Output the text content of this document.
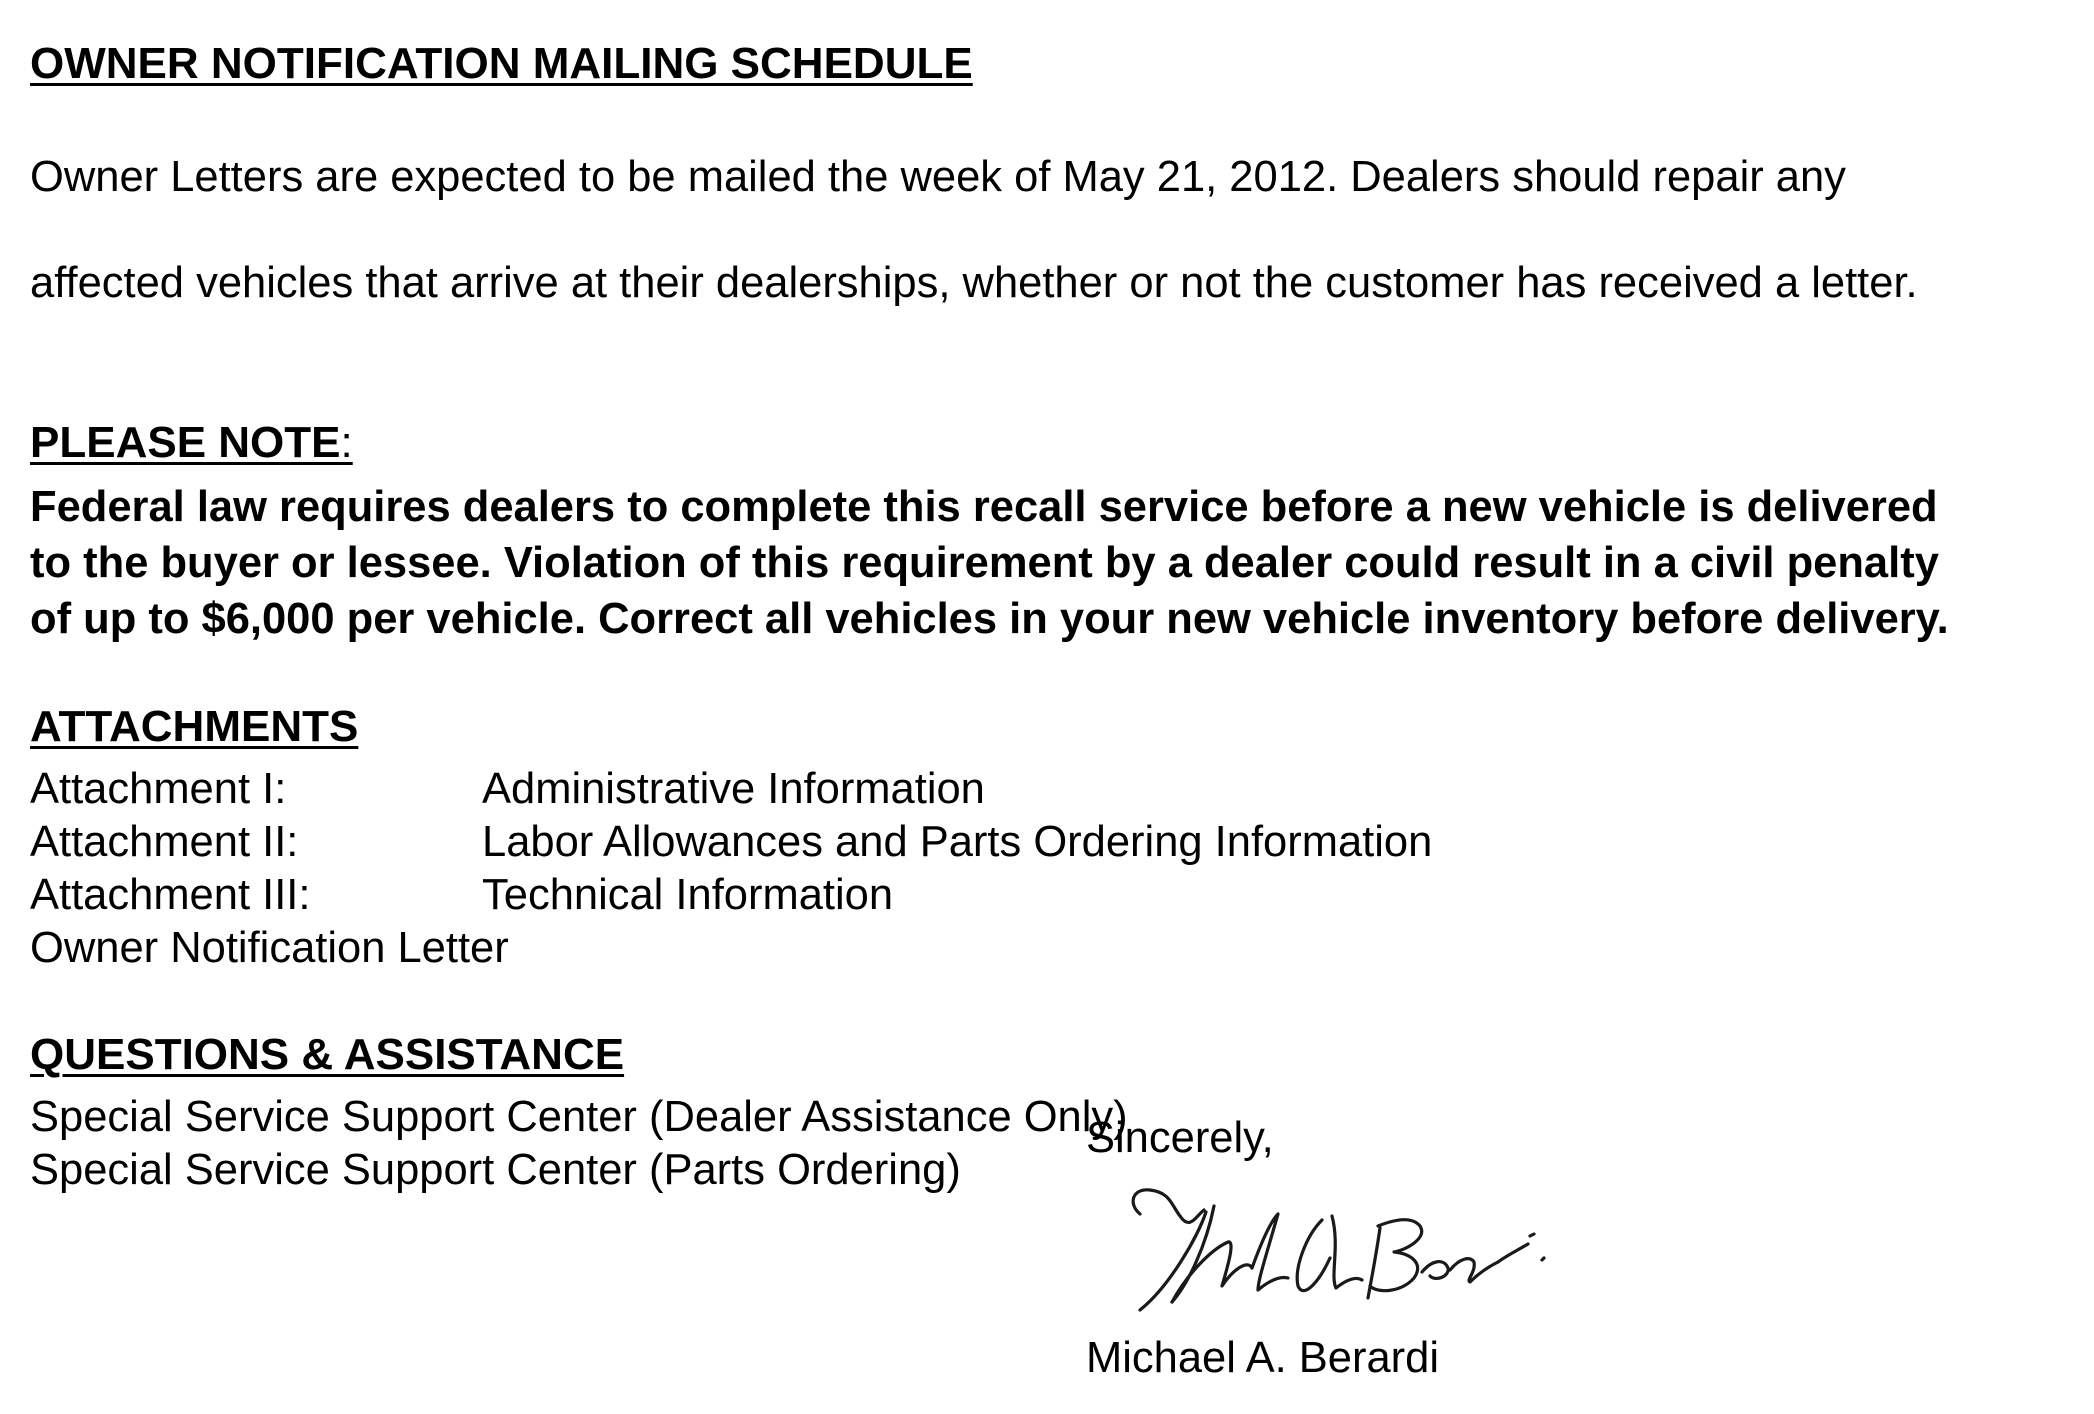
OWNER NOTIFICATION MAILING SCHEDULE

Owner Letters are expected to be mailed the week of May 21, 2012. Dealers should repair any

affected vehicles that arrive at their dealerships, whether or not the customer has received a letter.

PLEASE NOTE:
Federal law requires dealers to complete this recall service before a new vehicle is delivered
to the buyer or lessee. Violation of this requirement by a dealer could result in a civil penalty
of up to $6,000 per vehicle. Correct all vehicles in your new vehicle inventory before delivery.
ATTACHMENTS
Attachment I:	Administrative Information
Attachment II:	Labor Allowances and Parts Ordering Information
Attachment III:	Technical Information
Owner Notification Letter
QUESTIONS & ASSISTANCE
Special Service Support Center (Dealer Assistance Only)
Special Service Support Center (Parts Ordering)
Sincerely,
Michael A. Berardi
